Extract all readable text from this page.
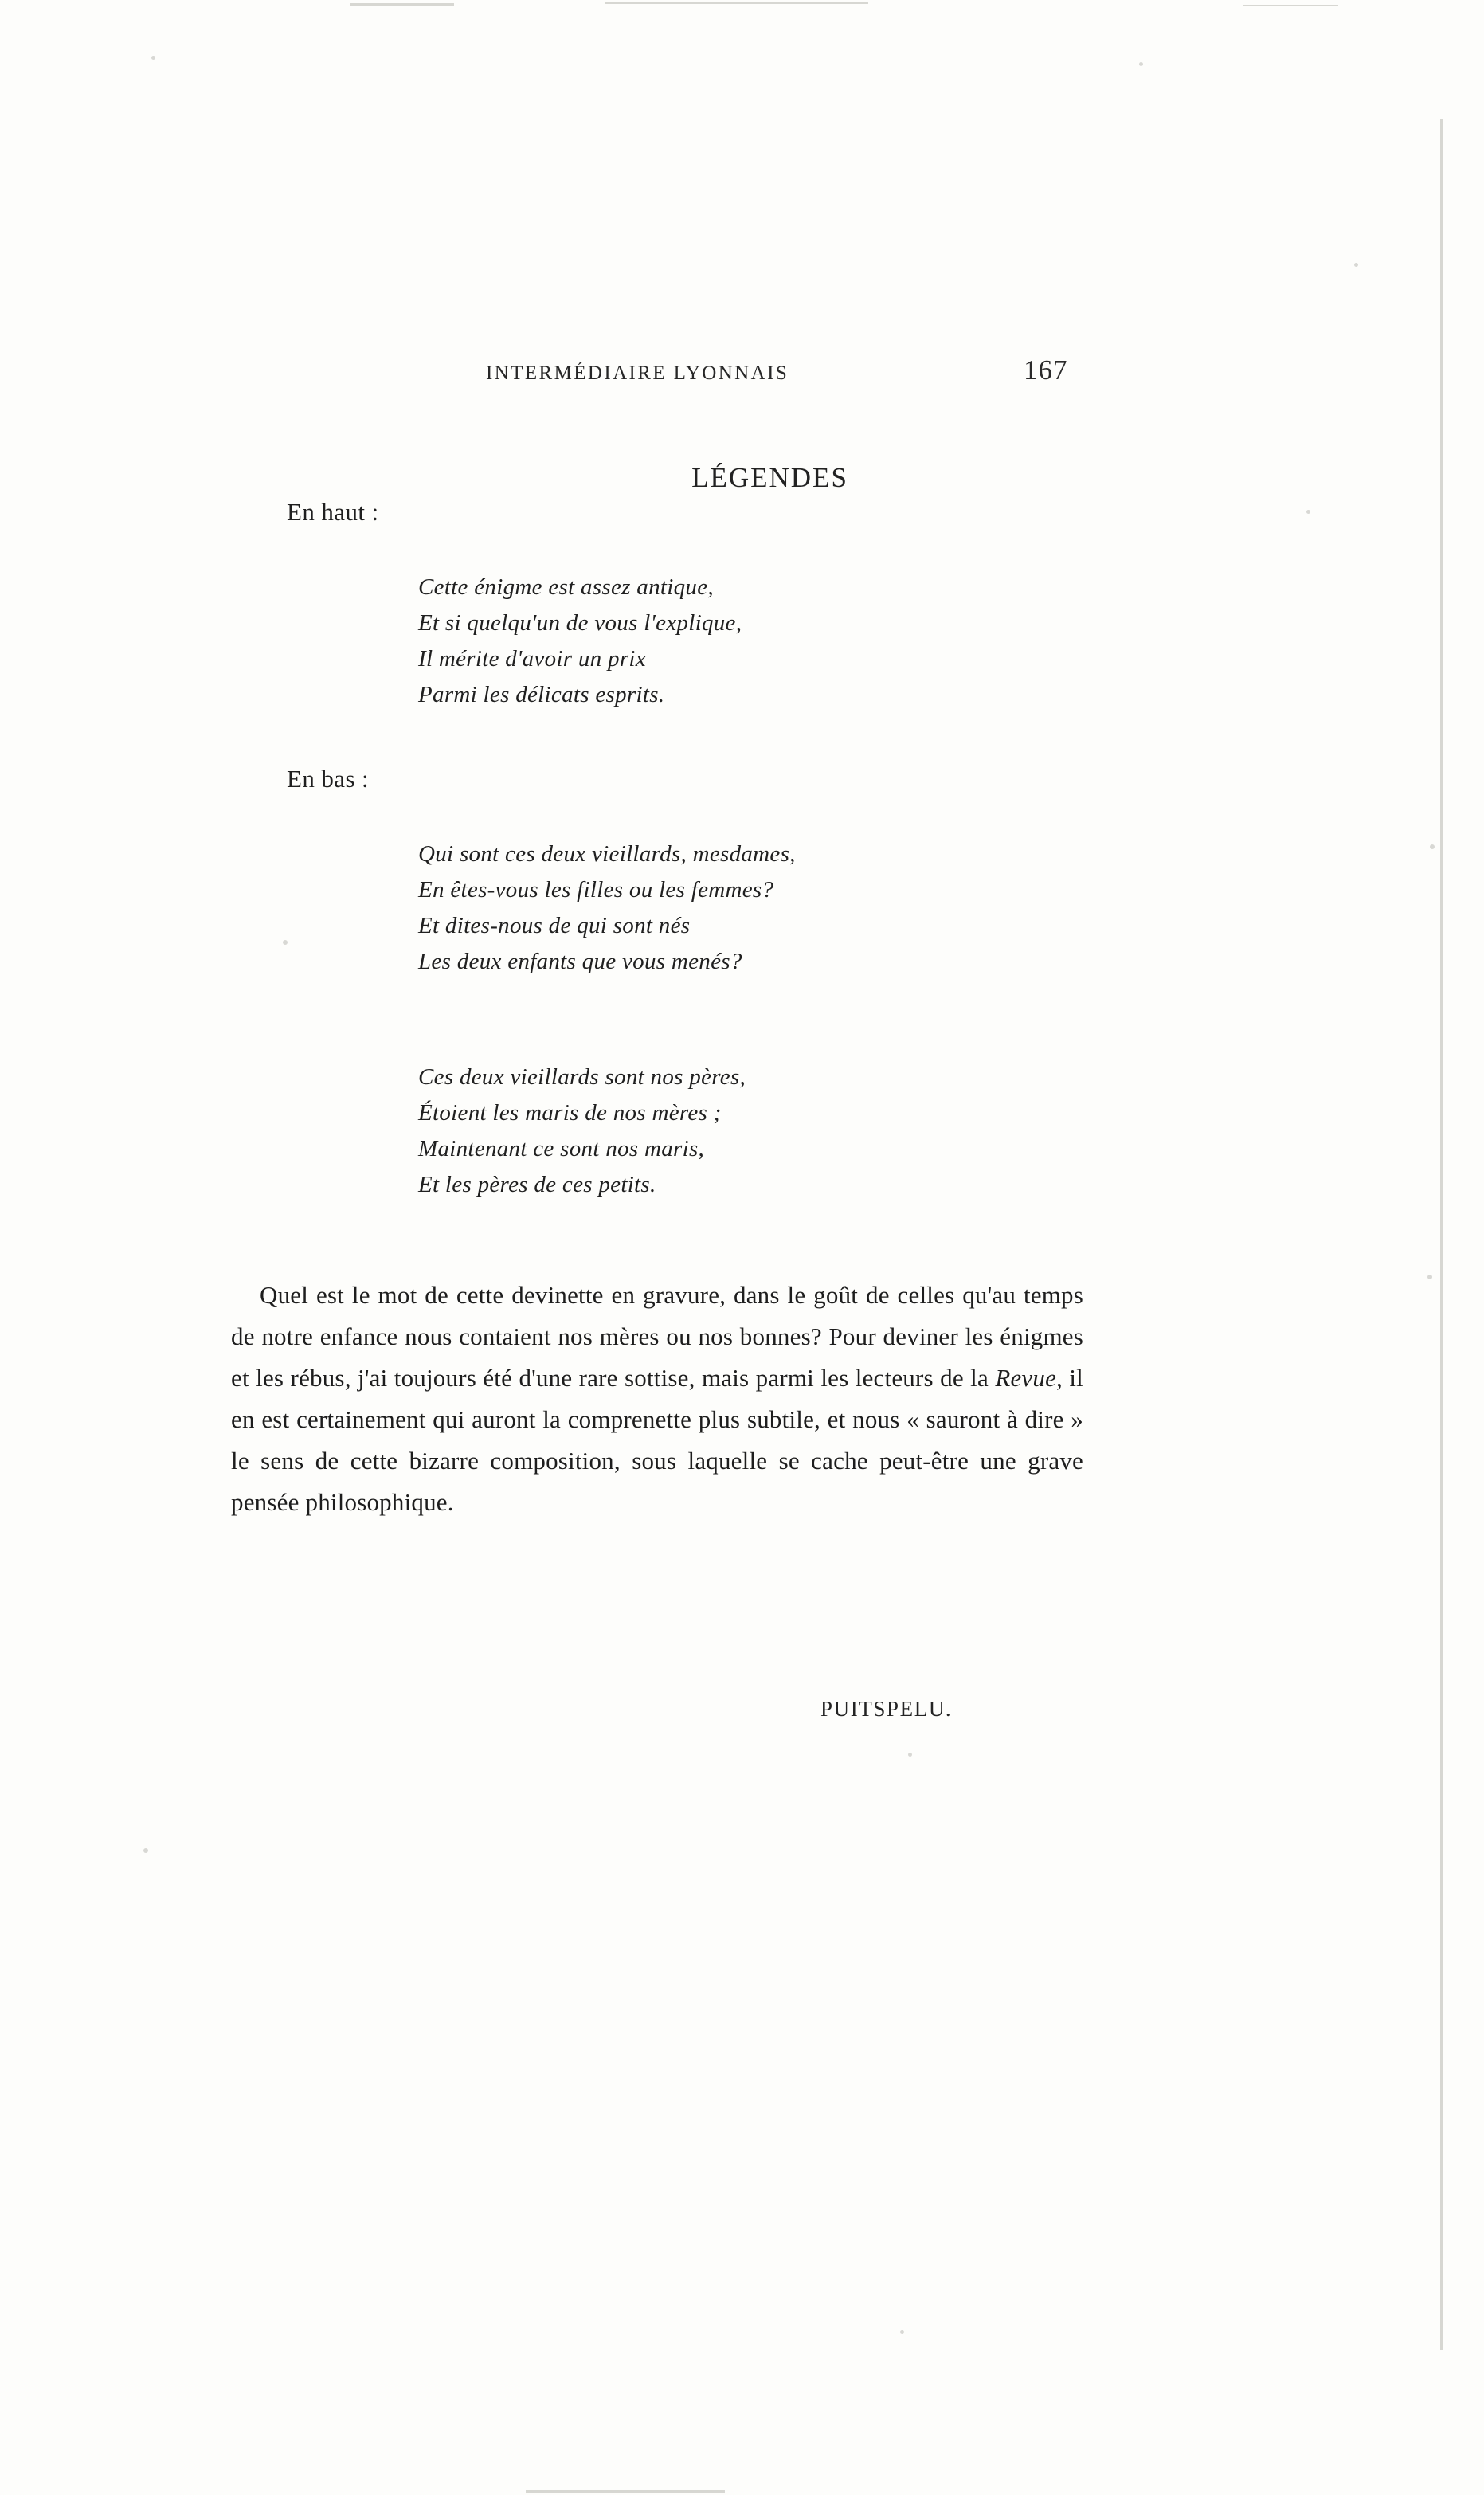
INTERMÉDIAIRE LYONNAIS	167
LÉGENDES
En haut :
En bas :
Cette énigme est assez antique,
Et si quelqu'un de vous l'explique,
Il mérite d'avoir un prix
Parmi les délicats esprits.
Qui sont ces deux vieillards, mesdames,
En êtes-vous les filles ou les femmes?
Et dites-nous de qui sont nés
Les deux enfants que vous menés?
Ces deux vieillards sont nos pères,
Étoient les maris de nos mères ;
Maintenant ce sont nos maris,
Et les pères de ces petits.
Quel est le mot de cette devinette en gravure, dans le goût de celles qu'au temps de notre enfance nous contaient nos mères ou nos bonnes? Pour deviner les énigmes et les rébus, j'ai toujours été d'une rare sottise, mais parmi les lecteurs de la Revue, il en est certainement qui auront la comprenette plus subtile, et nous « sauront à dire » le sens de cette bizarre composition, sous laquelle se cache peut-être une grave pensée philosophique.
PUITSPELU.
